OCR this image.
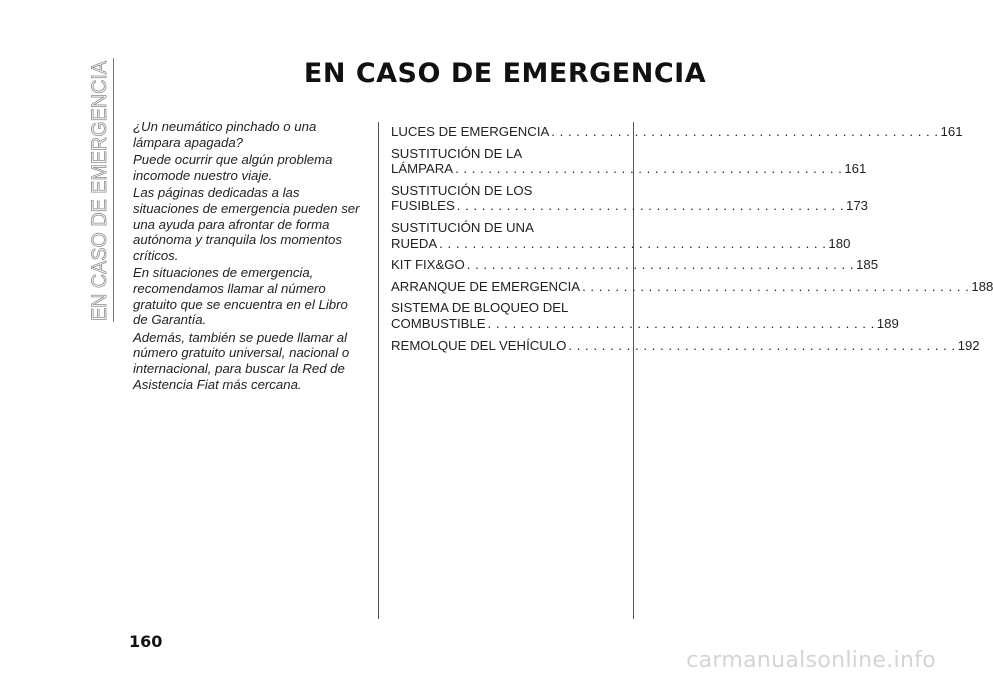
EN CASO DE EMERGENCIA	EN CASO DE EMERGENCIA

¿Un neumático pinchado o una lámpara apagada?

Puede ocurrir que algún problema incomode nuestro viaje.

Las páginas dedicadas a las situaciones de emergencia pueden ser una ayuda para afrontar de forma autónoma y tranquila los momentos críticos.

En situaciones de emergencia, recomendamos llamar al número gratuito que se encuentra en el Libro de Garantía.

Además, también se puede llamar al número gratuito universal, nacional o internacional, para buscar la Red de Asistencia Fiat más cercana.

LUCES DE EMERGENCIA . . . . . . . . . . . . . . . . . . . . . . . . . . . . . . . . . . . . . . . . . . . . . . . 161
SUSTITUCIÓN DE LA
LÁMPARA . . . . . . . . . . . . . . . . . . . . . . . . . . . . . . . . . . . . . . . . . . . . . . . 161
SUSTITUCIÓN DE LOS
FUSIBLES . . . . . . . . . . . . . . . . . . . . . . . . . . . . . . . . . . . . . . . . . . . . . . . 173
SUSTITUCIÓN DE UNA
RUEDA . . . . . . . . . . . . . . . . . . . . . . . . . . . . . . . . . . . . . . . . . . . . . . . 180
KIT FIX&GO . . . . . . . . . . . . . . . . . . . . . . . . . . . . . . . . . . . . . . . . . . . . . . . 185
ARRANQUE DE EMERGENCIA . . . . . . . . . . . . . . . . . . . . . . . . . . . . . . . . . . . . . . . . . . . . . . . 188
SISTEMA DE BLOQUEO DEL
COMBUSTIBLE . . . . . . . . . . . . . . . . . . . . . . . . . . . . . . . . . . . . . . . . . . . . . . . 189
REMOLQUE DEL VEHÍCULO . . . . . . . . . . . . . . . . . . . . . . . . . . . . . . . . . . . . . . . . . . . . . . . 192
160
carmanualsonline.info
